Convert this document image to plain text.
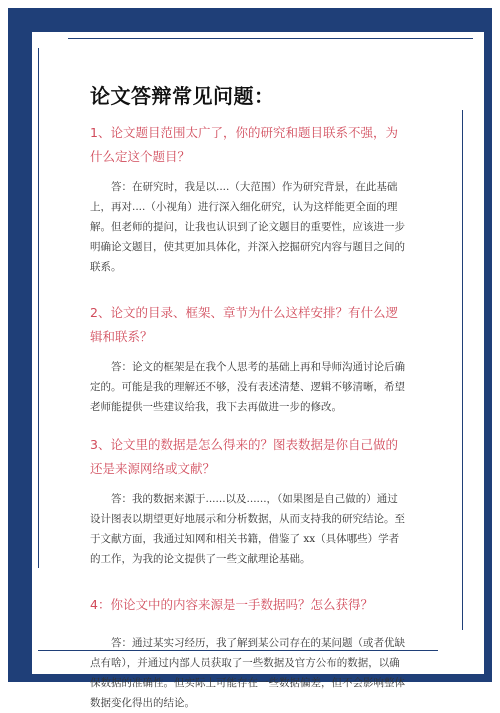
论文答辩常见问题：

1、论文题目范围太广了，你的研究和题目联系不强，为什么定这个题目？

答：在研究时，我是以....（大范围）作为研究背景，在此基础上，再对....（小视角）进行深入细化研究，认为这样能更全面的理解。但老师的提问，让我也认识到了论文题目的重要性，应该进一步明确论文题目，使其更加具体化，并深入挖掘研究内容与题目之间的联系。

2、论文的目录、框架、章节为什么这样安排？有什么逻辑和联系？

答：论文的框架是在我个人思考的基础上再和导师沟通讨论后确定的。可能是我的理解还不够，没有表述清楚、逻辑不够清晰，希望老师能提供一些建议给我，我下去再做进一步的修改。

3、论文里的数据是怎么得来的？图表数据是你自己做的还是来源网络或文献？

答：我的数据来源于......以及......，（如果图是自己做的）通过设计图表以期望更好地展示和分析数据，从而支持我的研究结论。至于文献方面，我通过知网和相关书籍，借鉴了 xx（具体哪些）学者的工作，为我的论文提供了一些文献理论基础。

4：你论文中的内容来源是一手数据吗？怎么获得？

答：通过某实习经历，我了解到某公司存在的某问题（或者优缺点有啥），并通过内部人员获取了一些数据及官方公布的数据，以确保数据的准确性。但实际上可能存在一些数据偏差，但不会影响整体数据变化得出的结论。
